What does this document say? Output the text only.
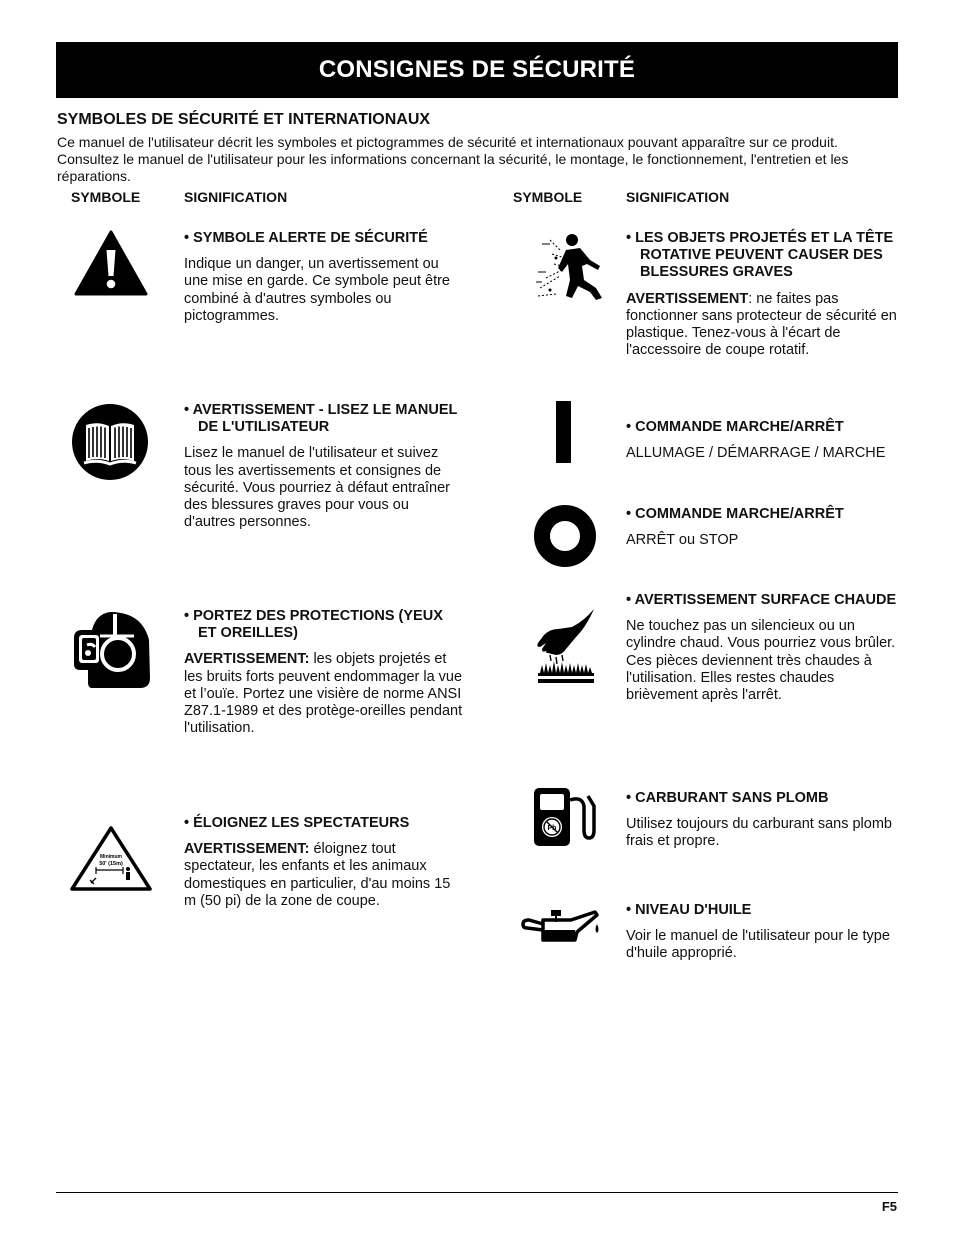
CONSIGNES DE SÉCURITÉ
SYMBOLES DE SÉCURITÉ ET INTERNATIONAUX
Ce manuel de l'utilisateur décrit les symboles et pictogrammes de sécurité et internationaux pouvant apparaître sur ce produit. Consultez le manuel de l'utilisateur pour les informations concernant la sécurité, le montage, le fonctionnement, l'entretien et les réparations.
SYMBOLE	SIGNIFICATION	SYMBOLE	SIGNIFICATION
• SYMBOLE ALERTE DE SÉCURITÉ
Indique un danger, un avertissement ou une mise en garde. Ce symbole peut être combiné à d'autres symboles ou pictogrammes.
• AVERTISSEMENT - LISEZ LE MANUEL DE L'UTILISATEUR
Lisez le manuel de l'utilisateur et suivez tous les avertissements et consignes de sécurité. Vous pourriez à défaut entraîner des blessures graves pour vous ou d'autres personnes.
• PORTEZ DES PROTECTIONS (YEUX ET OREILLES)
AVERTISSEMENT: les objets projetés et les bruits forts peuvent endommager la vue et l’ouïe. Portez une visière de norme ANSI Z87.1-1989 et des protège-oreilles pendant l'utilisation.
Minimum
50' (15m)
• ÉLOIGNEZ LES SPECTATEURS
AVERTISSEMENT: éloignez tout spectateur, les enfants et les animaux domestiques en particulier, d'au moins 15 m (50 pi) de la zone de coupe.
• LES OBJETS PROJETÉS ET LA TÊTE ROTATIVE PEUVENT CAUSER DES BLESSURES GRAVES
AVERTISSEMENT: ne faites pas fonctionner sans protecteur de sécurité en plastique. Tenez-vous à l'écart de l'accessoire de coupe rotatif.
• COMMANDE MARCHE/ARRÊT
ALLUMAGE / DÉMARRAGE / MARCHE
• COMMANDE MARCHE/ARRÊT
ARRÊT ou STOP
• AVERTISSEMENT SURFACE CHAUDE
Ne touchez pas un silencieux ou un cylindre chaud. Vous pourriez vous brûler. Ces pièces deviennent très chaudes à l'utilisation. Elles restes chaudes brièvement après l'arrêt.
Pb
• CARBURANT SANS PLOMB
Utilisez toujours du carburant sans plomb frais et propre.
• NIVEAU D'HUILE
Voir le manuel de l'utilisateur pour le type d'huile approprié.
F5
